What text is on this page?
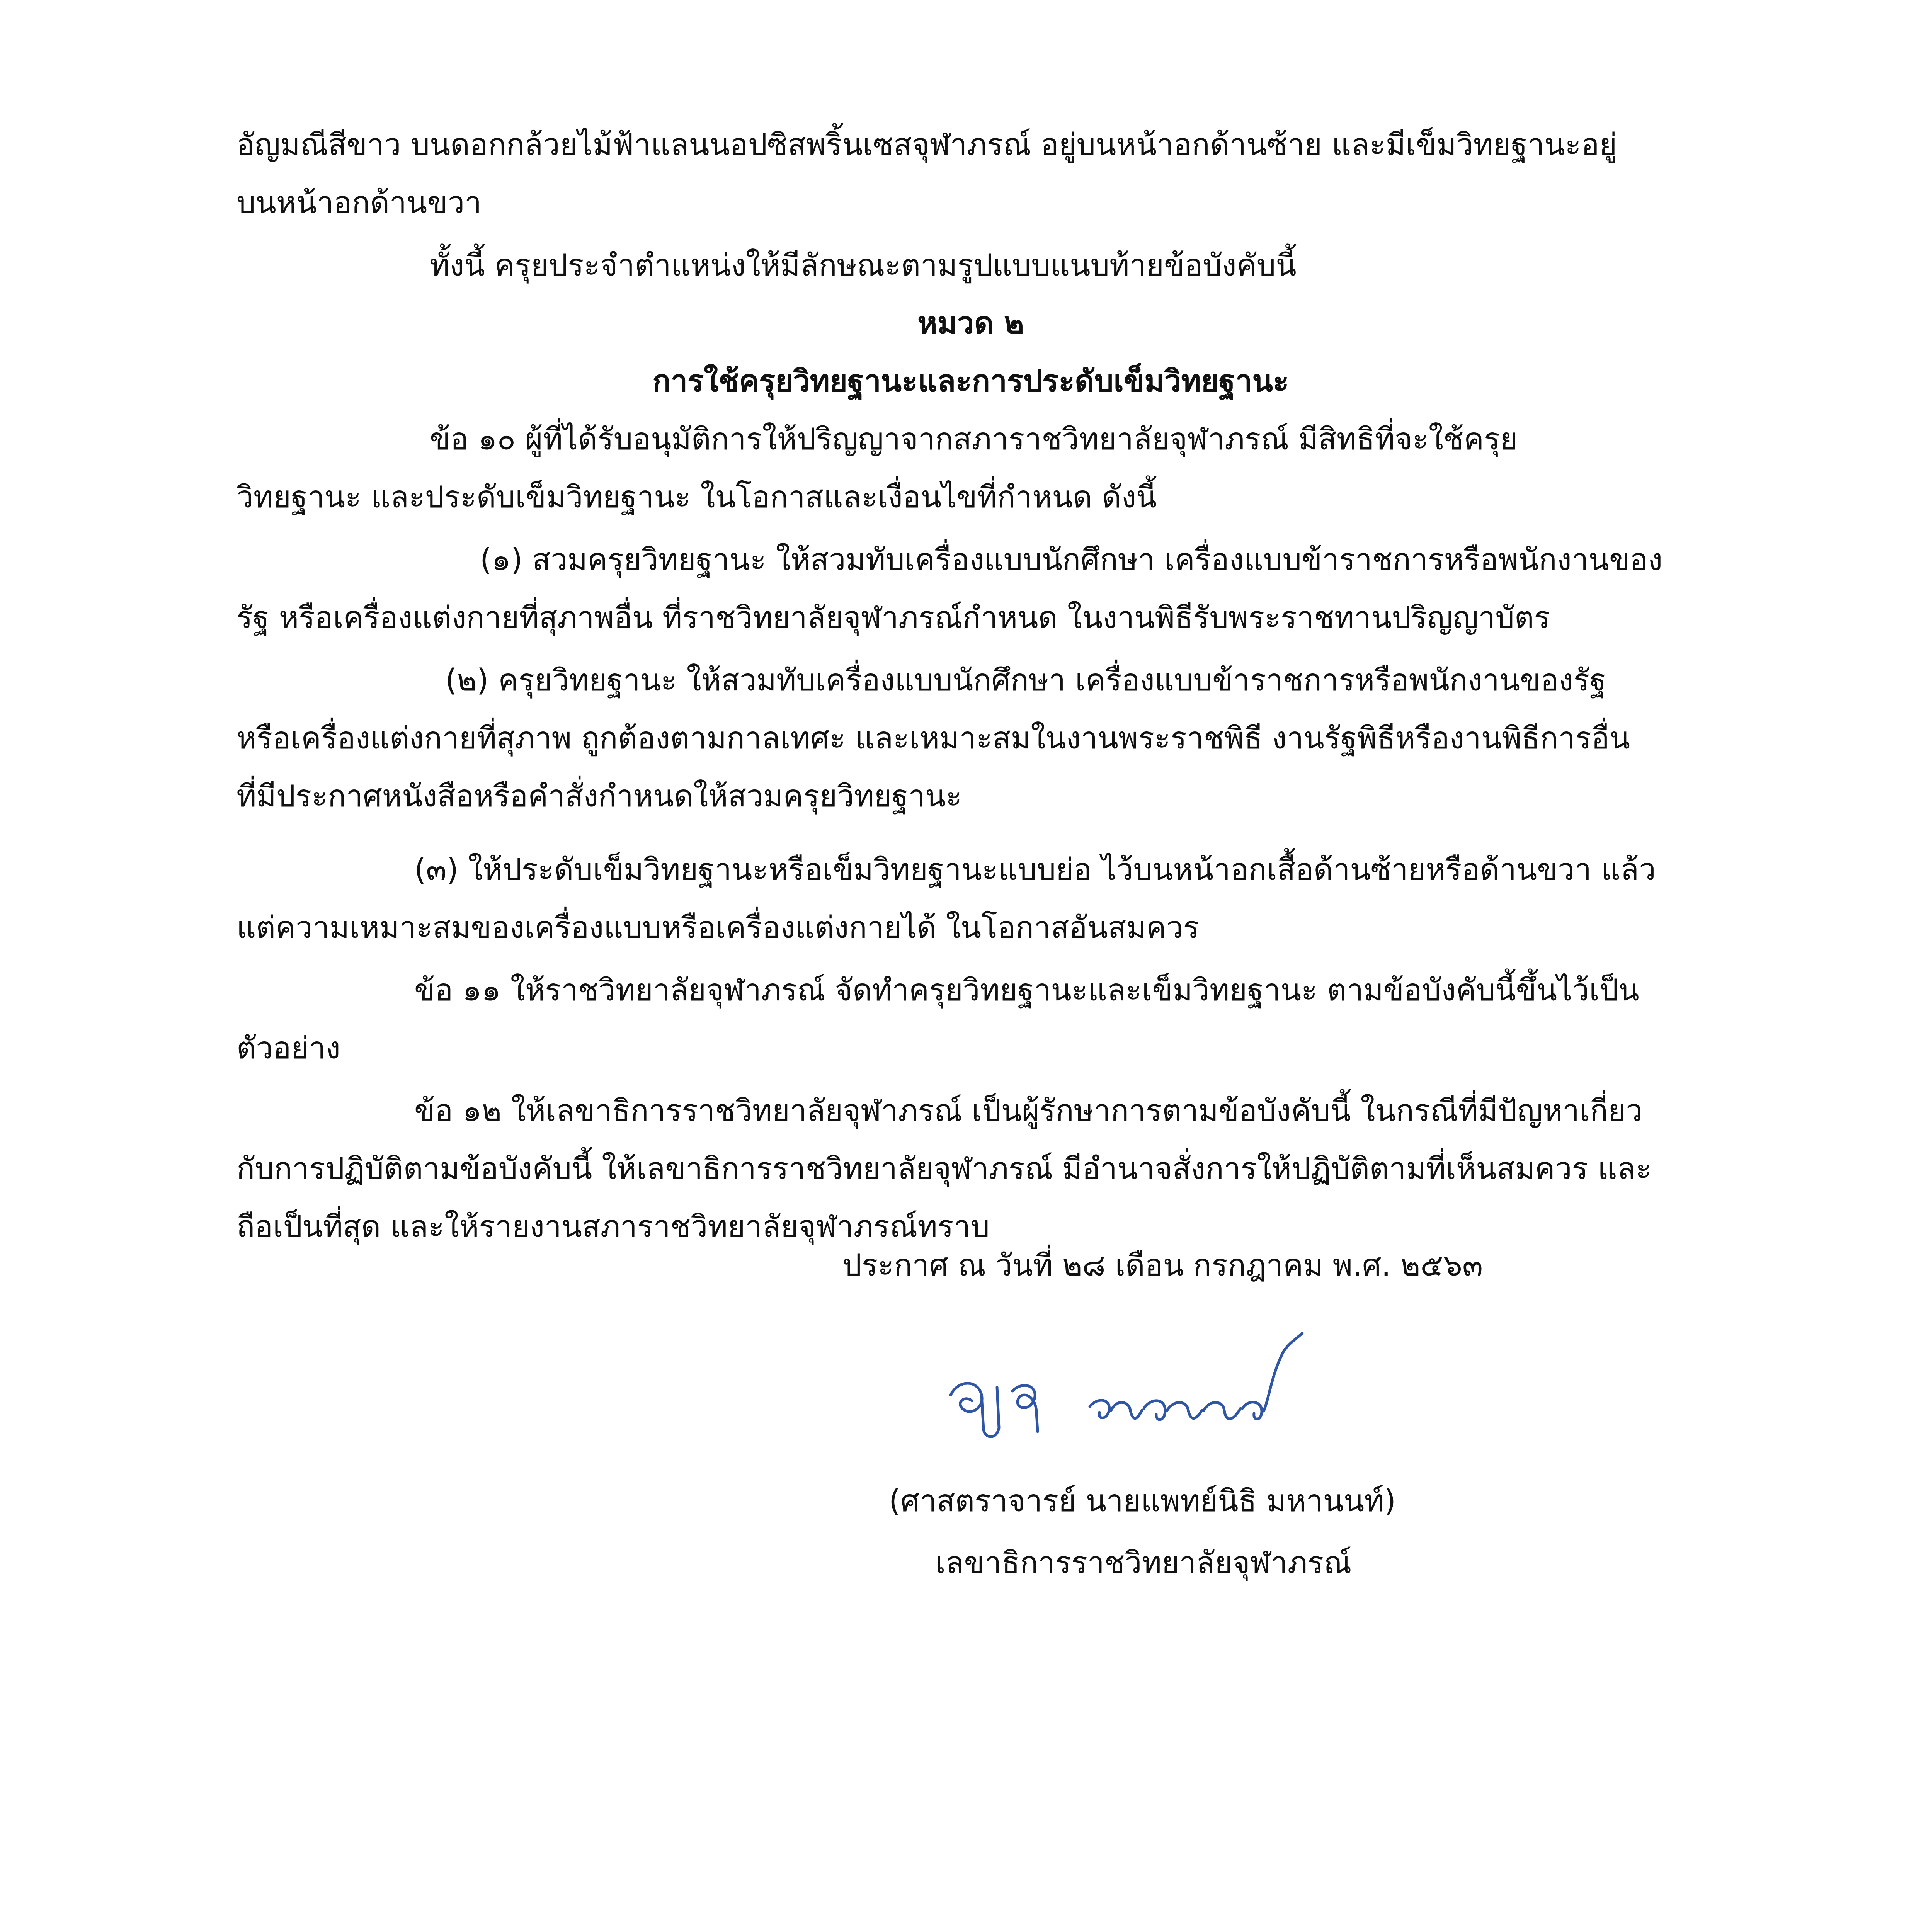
อัญมณีสีขาว บนดอกกล้วยไม้ฟ้าแลนนอปซิสพริ้นเซสจุฬาภรณ์ อยู่บนหน้าอกด้านซ้าย และมีเข็มวิทยฐานะอยู่
บนหน้าอกด้านขวา
ทั้งนี้ ครุยประจำตำแหน่งให้มีลักษณะตามรูปแบบแนบท้ายข้อบังคับนี้
หมวด ๒
การใช้ครุยวิทยฐานะและการประดับเข็มวิทยฐานะ
ข้อ ๑๐ ผู้ที่ได้รับอนุมัติการให้ปริญญาจากสภาราชวิทยาลัยจุฬาภรณ์ มีสิทธิที่จะใช้ครุย
วิทยฐานะ และประดับเข็มวิทยฐานะ ในโอกาสและเงื่อนไขที่กำหนด ดังนี้
(๑) สวมครุยวิทยฐานะ ให้สวมทับเครื่องแบบนักศึกษา เครื่องแบบข้าราชการหรือพนักงานของ
รัฐ หรือเครื่องแต่งกายที่สุภาพอื่น ที่ราชวิทยาลัยจุฬาภรณ์กำหนด ในงานพิธีรับพระราชทานปริญญาบัตร
(๒) ครุยวิทยฐานะ ให้สวมทับเครื่องแบบนักศึกษา เครื่องแบบข้าราชการหรือพนักงานของรัฐ
หรือเครื่องแต่งกายที่สุภาพ ถูกต้องตามกาลเทศะ และเหมาะสมในงานพระราชพิธี งานรัฐพิธีหรืองานพิธีการอื่น
ที่มีประกาศหนังสือหรือคำสั่งกำหนดให้สวมครุยวิทยฐานะ
(๓) ให้ประดับเข็มวิทยฐานะหรือเข็มวิทยฐานะแบบย่อ ไว้บนหน้าอกเสื้อด้านซ้ายหรือด้านขวา แล้ว
แต่ความเหมาะสมของเครื่องแบบหรือเครื่องแต่งกายได้ ในโอกาสอันสมควร
ข้อ ๑๑ ให้ราชวิทยาลัยจุฬาภรณ์ จัดทำครุยวิทยฐานะและเข็มวิทยฐานะ ตามข้อบังคับนี้ขึ้นไว้เป็น
ตัวอย่าง
ข้อ ๑๒ ให้เลขาธิการราชวิทยาลัยจุฬาภรณ์ เป็นผู้รักษาการตามข้อบังคับนี้ ในกรณีที่มีปัญหาเกี่ยว
กับการปฏิบัติตามข้อบังคับนี้ ให้เลขาธิการราชวิทยาลัยจุฬาภรณ์ มีอำนาจสั่งการให้ปฏิบัติตามที่เห็นสมควร และ
ถือเป็นที่สุด และให้รายงานสภาราชวิทยาลัยจุฬาภรณ์ทราบ
ประกาศ ณ วันที่ ๒๘ เดือน กรกฎาคม พ.ศ. ๒๕๖๓
(ศาสตราจารย์ นายแพทย์นิธิ มหานนท์)
เลขาธิการราชวิทยาลัยจุฬาภรณ์
